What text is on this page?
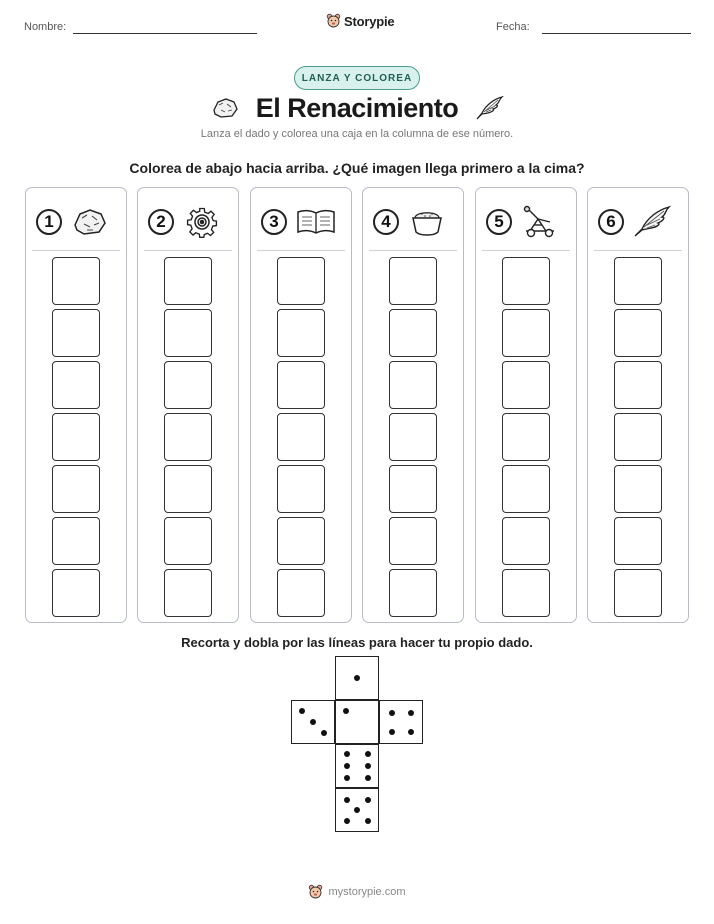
Nombre:	Storypie	Fecha:
LANZA Y COLOREA
El Renacimiento
Lanza el dado y colorea una caja en la columna de ese número.
Colorea de abajo hacia arriba. ¿Qué imagen llega primero a la cima?
1	2	3	4	5	6
Recorta y dobla por las líneas para hacer tu propio dado.
mystorypie.com
